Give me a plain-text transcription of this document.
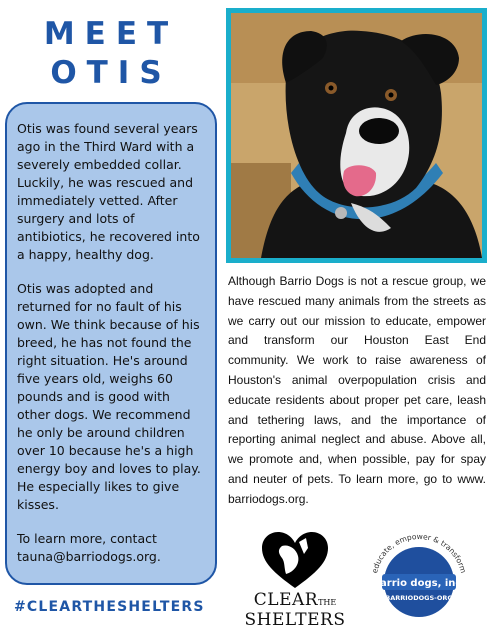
MEET
OTIS

Otis was found several years ago in the Third Ward with a severely embedded collar. Luckily, he was rescued and immediately vetted. After surgery and lots of antibiotics, he recovered into a happy, healthy dog.

Otis was adopted and returned for no fault of his own. We think because of his breed, he has not found the right situation. He's around five years old, weighs 60 pounds and is good with other dogs. We recommend he only be around children over 10 because he's a high energy boy and loves to play. He especially likes to give kisses.

To learn more, contact tauna@barriodogs.org.

#CLEARTHESHELTERS
Although Barrio Dogs is not a rescue group, we have rescued many animals from the streets as we carry out our mission to educate, empower and transform our Houston East End community. We work to raise awareness of Houston's animal overpopulation crisis and educate residents about proper pet care, leash and tethering laws, and the importance of reporting animal neglect and abuse. Above all, we promote and, when possible, pay for spay and neuter of pets. To learn more, go to www. barriodogs.org.
CLEARTHE
SHELTERS
educate, empower & transform
barrio dogs, inc.
BARRIODOGS-ORG
